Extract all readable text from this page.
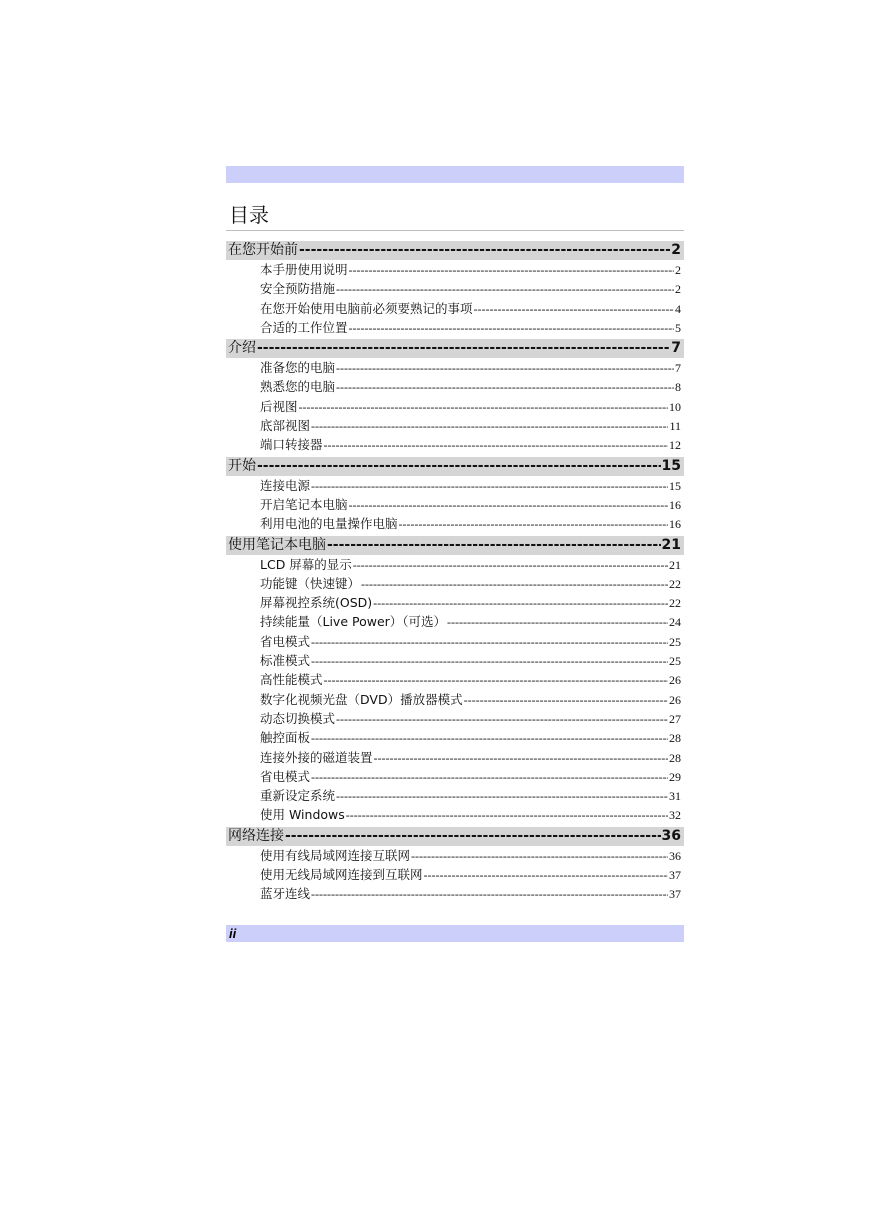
目录
在您开始前 -----	2
本手册使用说明 -----	2
安全预防措施 -----	2
在您开始使用电脑前必须要熟记的事项 -----	4
合适的工作位置 -----	5
介绍 -----	7
准备您的电脑 -----	7
熟悉您的电脑 -----	8
后视图 -----	10
底部视图 -----	11
端口转接器 -----	12
开始 -----	15
连接电源 -----	15
开启笔记本电脑 -----	16
利用电池的电量操作电脑 -----	16
使用笔记本电脑 -----	21
LCD 屏幕的显示 -----	21
功能键（快速键） -----	22
屏幕视控系统(OSD) -----	22
持续能量（Live Power）（可选） -----	24
省电模式 -----	25
标准模式 -----	25
高性能模式 -----	26
数字化视频光盘（DVD）播放器模式 -----	26
动态切换模式 -----	27
触控面板 -----	28
连接外接的磁道装置 -----	28
省电模式 -----	29
重新设定系统 -----	31
使用 Windows -----	32
网络连接 -----	36
使用有线局域网连接互联网 -----	36
使用无线局域网连接到互联网 -----	37
蓝牙连线 -----	37
ii
